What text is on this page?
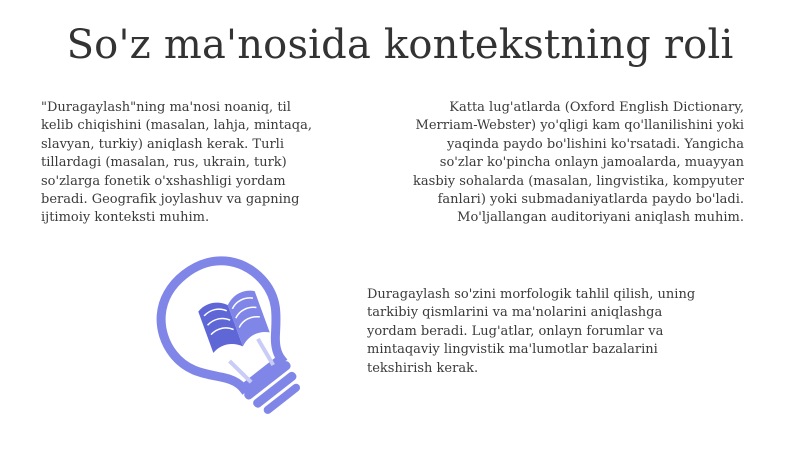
So'z ma'nosida kontekstning roli

"Duragaylash"ning ma'nosi noaniq, til
kelib chiqishini (masalan, lahja, mintaqa,
slavyan, turkiy) aniqlash kerak. Turli
tillardagi (masalan, rus, ukrain, turk)
so'zlarga fonetik o'xshashligi yordam
beradi. Geografik joylashuv va gapning
ijtimoiy konteksti muhim.

Katta lug'atlarda (Oxford English Dictionary,
Merriam-Webster) yo'qligi kam qo'llanilishini yoki
yaqinda paydo bo'lishini ko'rsatadi. Yangicha
so'zlar ko'pincha onlayn jamoalarda, muayyan
kasbiy sohalarda (masalan, lingvistika, kompyuter
fanlari) yoki submadaniyatlarda paydo bo'ladi.
Mo'ljallangan auditoriyani aniqlash muhim.

Duragaylash so'zini morfologik tahlil qilish, uning
tarkibiy qismlarini va ma'nolarini aniqlashga
yordam beradi. Lug'atlar, onlayn forumlar va
mintaqaviy lingvistik ma'lumotlar bazalarini
tekshirish kerak.
